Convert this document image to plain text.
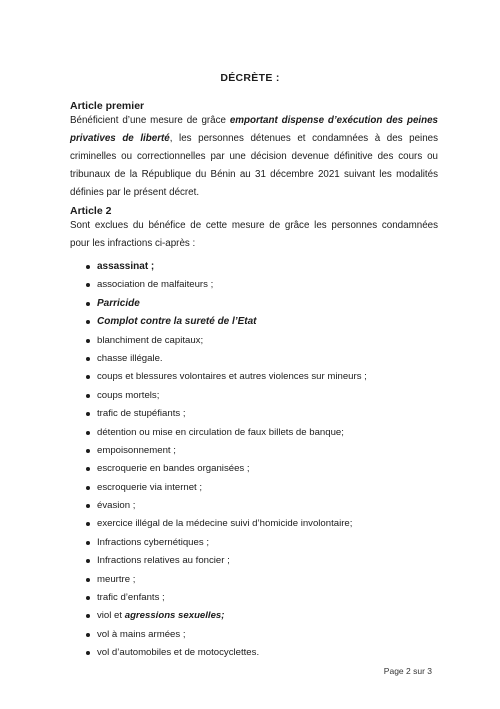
DÉCRÈTE :
Article premier

Bénéficient d’une mesure de grâce emportant dispense d’exécution des peines privatives de liberté, les personnes détenues et condamnées à des peines criminelles ou correctionnelles par une décision devenue définitive des cours ou tribunaux de la République du Bénin au 31 décembre 2021 suivant les modalités définies par le présent décret.

Article 2

Sont exclues du bénéfice de cette mesure de grâce les personnes condamnées pour les infractions ci-après :

assassinat ;
association de malfaiteurs ;
Parricide
Complot contre la sureté de l’Etat
blanchiment de capitaux;
chasse illégale.
coups et blessures volontaires et autres violences sur mineurs ;
coups mortels;
trafic de stupéfiants ;
détention ou mise en circulation de faux billets de banque;
empoisonnement ;
escroquerie en bandes organisées ;
escroquerie via internet ;
évasion ;
exercice illégal de la médecine suivi d’homicide involontaire;
Infractions cybernétiques ;
Infractions relatives au foncier ;
meurtre ;
trafic d’enfants ;
viol et agressions sexuelles;
vol à mains armées ;
vol d’automobiles et de motocyclettes.
Page 2 sur 3
